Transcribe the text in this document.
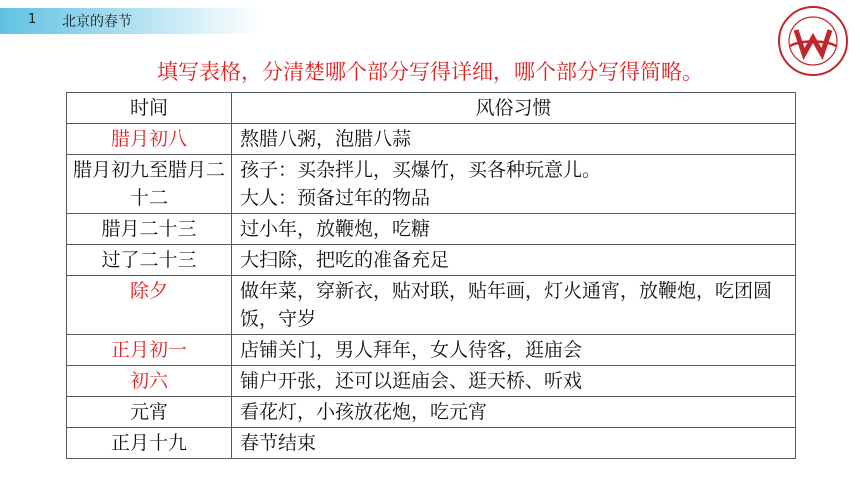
1 北京的春节
填写表格，分清楚哪个部分写得详细，哪个部分写得简略。
时间	风俗习惯
腊月初八	熬腊八粥，泡腊八蒜
腊月初九至腊月二十二	孩子：买杂拌儿，买爆竹，买各种玩意儿。
大人：预备过年的物品
腊月二十三	过小年，放鞭炮，吃糖
过了二十三	大扫除，把吃的准备充足
除夕	做年菜，穿新衣，贴对联，贴年画，灯火通宵，放鞭炮，吃团圆饭，守岁
正月初一	店铺关门，男人拜年，女人待客，逛庙会
初六	铺户开张，还可以逛庙会、逛天桥、听戏
元宵	看花灯，小孩放花炮，吃元宵
正月十九	春节结束
